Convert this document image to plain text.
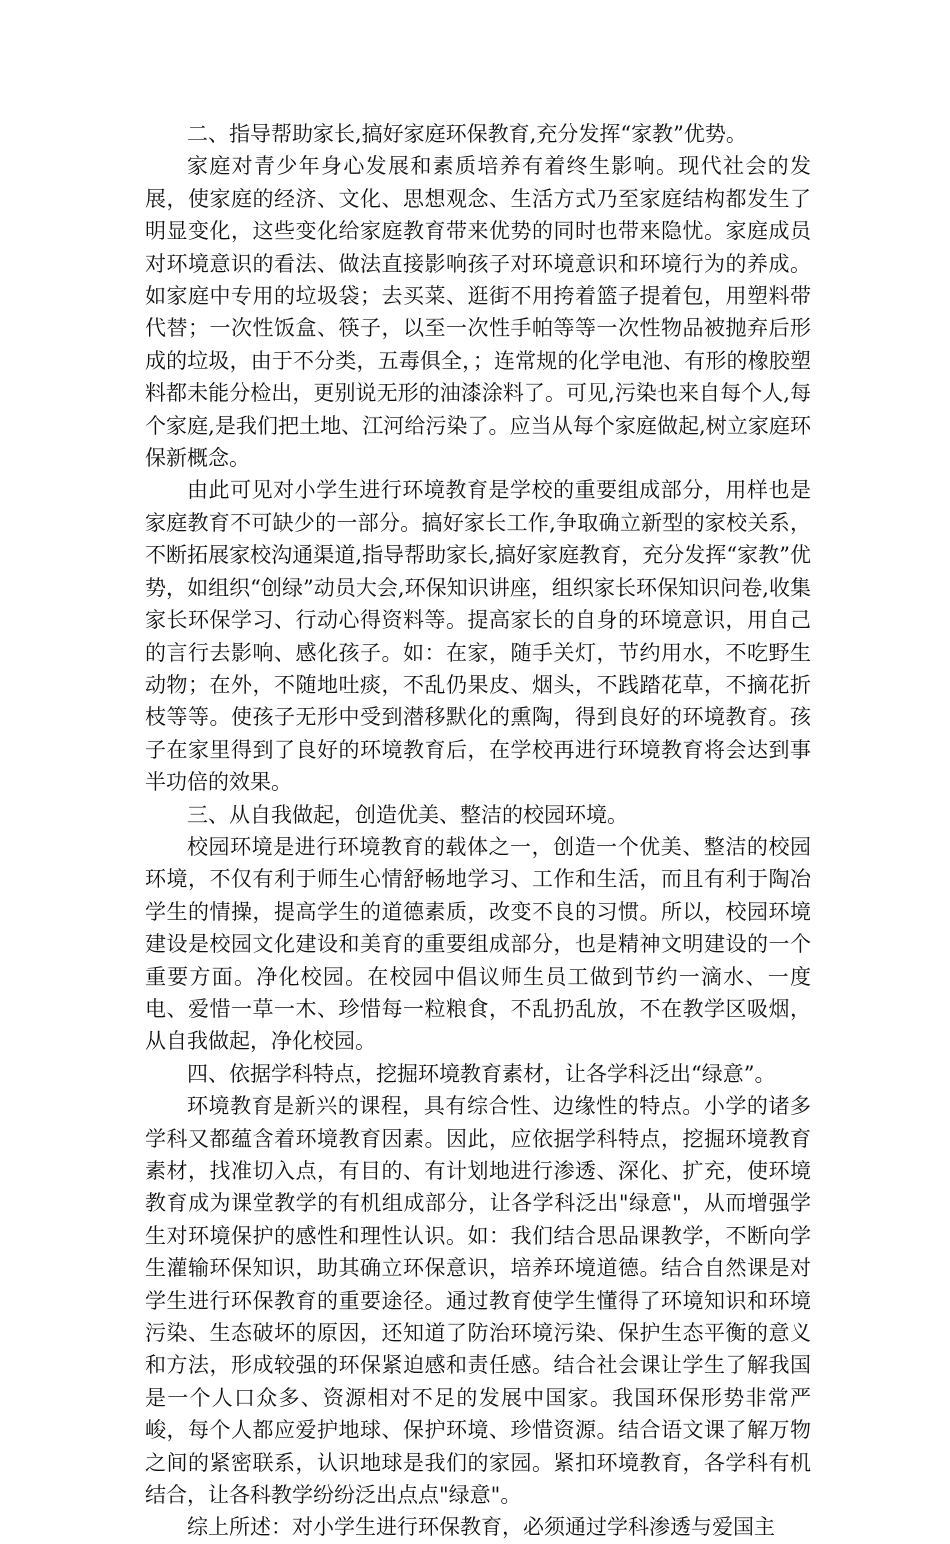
二、指导帮助家长,搞好家庭环保教育,充分发挥“家教”优势。

家庭对青少年身心发展和素质培养有着终生影响。现代社会的发展，使家庭的经济、文化、思想观念、生活方式乃至家庭结构都发生了明显变化，这些变化给家庭教育带来优势的同时也带来隐忧。家庭成员对环境意识的看法、做法直接影响孩子对环境意识和环境行为的养成。如家庭中专用的垃圾袋；去买菜、逛街不用挎着篮子提着包，用塑料带代替；一次性饭盒、筷子，以至一次性手帕等等一次性物品被抛弃后形成的垃圾，由于不分类，五毒俱全，；连常规的化学电池、有形的橡胶塑料都未能分检出，更别说无形的油漆涂料了。可见,污染也来自每个人,每个家庭,是我们把土地、江河给污染了。应当从每个家庭做起,树立家庭环保新概念。

由此可见对小学生进行环境教育是学校的重要组成部分，用样也是家庭教育不可缺少的一部分。搞好家长工作,争取确立新型的家校关系，不断拓展家校沟通渠道,指导帮助家长,搞好家庭教育，充分发挥“家教”优势，如组织“创绿”动员大会,环保知识讲座，组织家长环保知识问卷,收集家长环保学习、行动心得资料等。提高家长的自身的环境意识，用自己的言行去影响、感化孩子。如：在家，随手关灯，节约用水，不吃野生动物；在外，不随地吐痰，不乱仍果皮、烟头，不践踏花草，不摘花折枝等等。使孩子无形中受到潜移默化的熏陶，得到良好的环境教育。孩子在家里得到了良好的环境教育后，在学校再进行环境教育将会达到事半功倍的效果。

三、从自我做起，创造优美、整洁的校园环境。

校园环境是进行环境教育的载体之一，创造一个优美、整洁的校园环境，不仅有利于师生心情舒畅地学习、工作和生活，而且有利于陶冶学生的情操，提高学生的道德素质，改变不良的习惯。所以，校园环境建设是校园文化建设和美育的重要组成部分，也是精神文明建设的一个重要方面。净化校园。在校园中倡议师生员工做到节约一滴水、一度电、爱惜一草一木、珍惜每一粒粮食，不乱扔乱放，不在教学区吸烟，从自我做起，净化校园。

四、依据学科特点，挖掘环境教育素材，让各学科泛出“绿意”。

环境教育是新兴的课程，具有综合性、边缘性的特点。小学的诸多学科又都蕴含着环境教育因素。因此，应依据学科特点，挖掘环境教育素材，找准切入点，有目的、有计划地进行渗透、深化、扩充，使环境教育成为课堂教学的有机组成部分，让各学科泛出"绿意"，从而增强学生对环境保护的感性和理性认识。如：我们结合思品课教学，不断向学生灌输环保知识，助其确立环保意识，培养环境道德。结合自然课是对学生进行环保教育的重要途径。通过教育使学生懂得了环境知识和环境污染、生态破坏的原因，还知道了防治环境污染、保护生态平衡的意义和方法，形成较强的环保紧迫感和责任感。结合社会课让学生了解我国是一个人口众多、资源相对不足的发展中国家。我国环保形势非常严峻，每个人都应爱护地球、保护环境、珍惜资源。结合语文课了解万物之间的紧密联系，认识地球是我们的家园。紧扣环境教育，各学科有机结合，让各科教学纷纷泛出点点"绿意"。

综上所述：对小学生进行环保教育，必须通过学科渗透与爱国主
